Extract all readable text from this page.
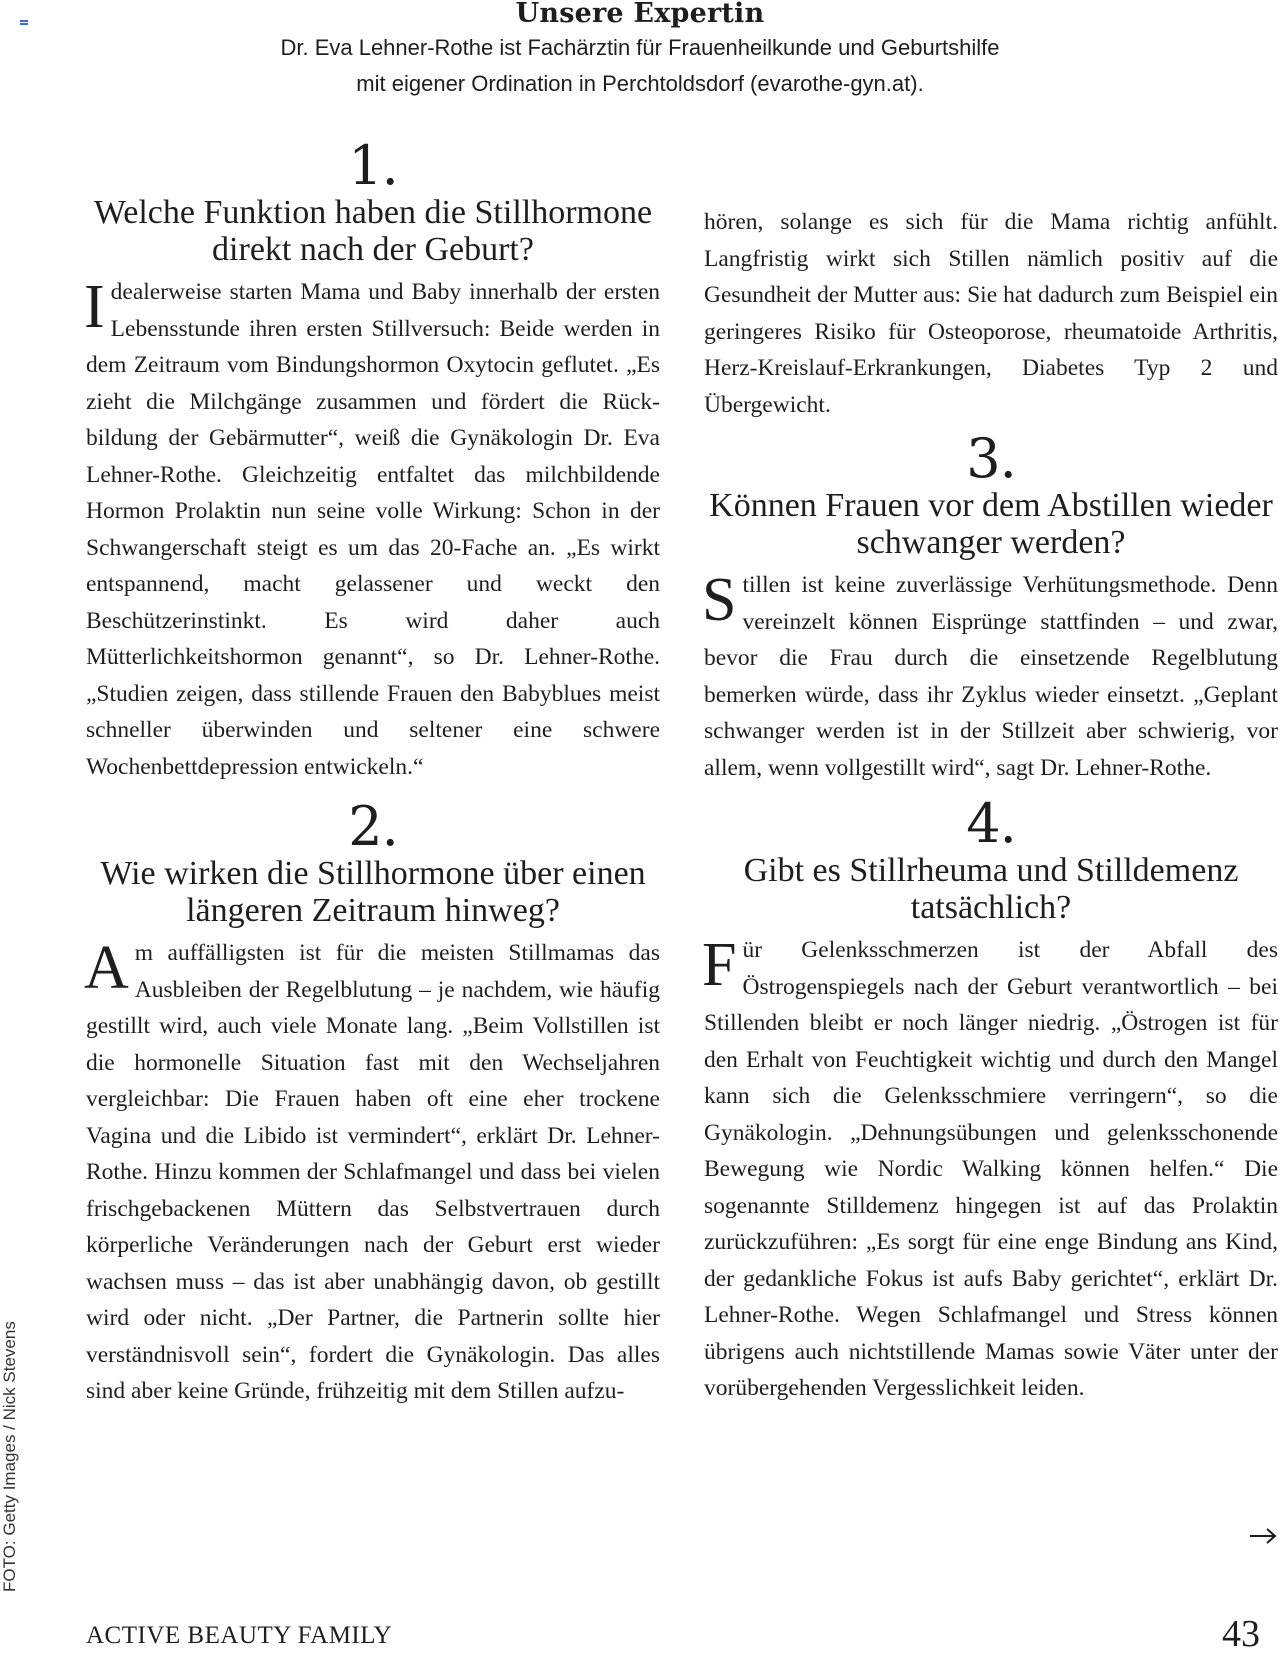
Unsere Expertin
Dr. Eva Lehner-Rothe ist Fachärztin für Frauenheilkunde und Geburtshilfe
mit eigener Ordination in Perchtoldsdorf (evarothe-gyn.at).
FOTO: Getty Images / Nick Stevens
1.
Welche Funktion haben die Stillhormone direkt nach der Geburt?

Idealerweise starten Mama und Baby innerhalb der ersten Lebensstunde ihren ersten Stillversuch: Beide werden in dem Zeitraum vom Bindungshormon Oxytocin geflutet. „Es zieht die Milchgänge zusammen und fördert die Rückbildung der Gebärmutter“, weiß die Gynäkologin Dr. Eva Lehner-Rothe. Gleichzeitig entfaltet das milchbildende Hormon Prolaktin nun seine volle Wirkung: Schon in der Schwangerschaft steigt es um das 20-Fache an. „Es wirkt entspannend, macht gelassener und weckt den Beschützerinstinkt. Es wird daher auch Mütterlichkeitshormon genannt“, so Dr. Lehner-Rothe. „Studien zeigen, dass stillende Frauen den Babyblues meist schneller überwinden und seltener eine schwere Wochenbettdepression entwickeln.“

2.
Wie wirken die Stillhormone über einen längeren Zeitraum hinweg?

Am auffälligsten ist für die meisten Stillmamas das Ausbleiben der Regelblutung – je nachdem, wie häufig gestillt wird, auch viele Monate lang. „Beim Vollstillen ist die hormonelle Situation fast mit den Wechseljahren vergleichbar: Die Frauen haben oft eine eher trockene Vagina und die Libido ist vermindert“, erklärt Dr. Lehner-Rothe. Hinzu kommen der Schlafmangel und dass bei vielen frischgebackenen Müttern das Selbstvertrauen durch körperliche Veränderungen nach der Geburt erst wieder wachsen muss – das ist aber unabhängig davon, ob gestillt wird oder nicht. „Der Partner, die Partnerin sollte hier verständnisvoll sein“, fordert die Gynäkologin. Das alles sind aber keine Gründe, frühzeitig mit dem Stillen aufzu-

hören, solange es sich für die Mama richtig anfühlt. Langfristig wirkt sich Stillen nämlich positiv auf die Gesundheit der Mutter aus: Sie hat dadurch zum Beispiel ein geringeres Risiko für Osteoporose, rheumatoide Arthritis, Herz-Kreislauf-Erkrankungen, Diabetes Typ 2 und Übergewicht.

3.
Können Frauen vor dem Abstillen wieder schwanger werden?

Stillen ist keine zuverlässige Verhütungsmethode. Denn vereinzelt können Eisprünge stattfinden – und zwar, bevor die Frau durch die einsetzende Regelblutung bemerken würde, dass ihr Zyklus wieder einsetzt. „Geplant schwanger werden ist in der Stillzeit aber schwierig, vor allem, wenn vollgestillt wird“, sagt Dr. Lehner-Rothe.

4.
Gibt es Stillrheuma und Stilldemenz tatsächlich?

Für Gelenksschmerzen ist der Abfall des Östrogenspiegels nach der Geburt verantwortlich – bei Stillenden bleibt er noch länger niedrig. „Östrogen ist für den Erhalt von Feuchtigkeit wichtig und durch den Mangel kann sich die Gelenksschmiere verringern“, so die Gynäkologin. „Dehnungsübungen und gelenksschonende Bewegung wie Nordic Walking können helfen.“ Die sogenannte Stilldemenz hingegen ist auf das Prolaktin zurückzuführen: „Es sorgt für eine enge Bindung ans Kind, der gedankliche Fokus ist aufs Baby gerichtet“, erklärt Dr. Lehner-Rothe. Wegen Schlafmangel und Stress können übrigens auch nichtstillende Mamas sowie Väter unter der vorübergehenden Vergesslichkeit leiden.

ACTIVE BEAUTY FAMILY	43
